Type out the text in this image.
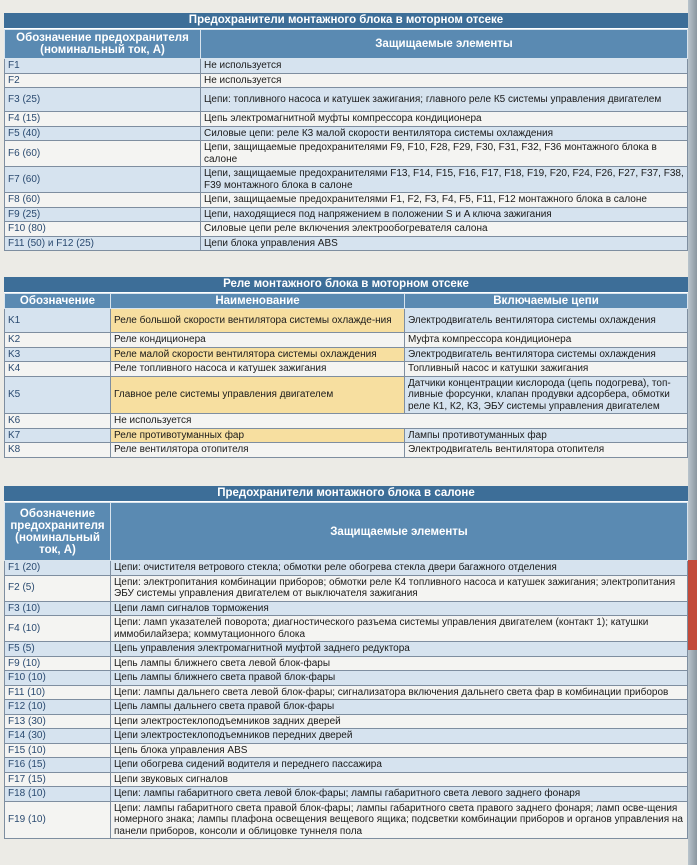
Предохранители монтажного блока в моторном отсеке
Обозначение предохранителя (номинальный ток, А)	Защищаемые элементы
F1	Не используется
F2	Не используется
F3 (25)	Цепи: топливного насоса и катушек зажигания; главного реле К5 системы управления двигателем
F4 (15)	Цепь электромагнитной муфты компрессора кондиционера
F5 (40)	Силовые цепи: реле К3 малой скорости вентилятора системы охлаждения
F6 (60)	Цепи, защищаемые предохранителями F9, F10, F28, F29, F30, F31, F32, F36 монтажного блока в салоне
F7 (60)	Цепи, защищаемые предохранителями F13, F14, F15, F16, F17, F18, F19, F20, F24, F26, F27, F37, F38, F39 монтажного блока в салоне
F8 (60)	Цепи, защищаемые предохранителями F1, F2, F3, F4, F5, F11, F12 монтажного блока в салоне
F9 (25)	Цепи, находящиеся под напряжением в положении S и A ключа зажигания
F10 (80)	Силовые цепи реле включения электрообогревателя салона
F11 (50) и F12 (25)	Цепи блока управления ABS
Реле монтажного блока в моторном отсеке
Обозначение	Наименование	Включаемые цепи
K1	Реле большой скорости вентилятора системы охлажде-ния	Электродвигатель вентилятора системы охлаждения
K2	Реле кондиционера	Муфта компрессора кондиционера
K3	Реле малой скорости вентилятора системы охлаждения	Электродвигатель вентилятора системы охлаждения
K4	Реле топливного насоса и катушек зажигания	Топливный насос и катушки зажигания
K5	Главное реле системы управления двигателем	Датчики концентрации кислорода (цепь подогрева), топ-ливные форсунки, клапан продувки адсорбера, обмотки реле К1, К2, К3, ЭБУ системы управления двигателем
K6	Не используется	
K7	Реле противотуманных фар	Лампы противотуманных фар
K8	Реле вентилятора отопителя	Электродвигатель вентилятора отопителя
Предохранители монтажного блока в салоне
Обозначение предохранителя (номинальный ток, А)	Защищаемые элементы
F1 (20)	Цепи: очистителя ветрового стекла; обмотки реле обогрева стекла двери багажного отделения
F2 (5)	Цепи: электропитания комбинации приборов; обмотки реле К4 топливного насоса и катушек зажигания; электропитания ЭБУ системы управления двигателем от выключателя зажигания
F3 (10)	Цепи ламп сигналов торможения
F4 (10)	Цепи: ламп указателей поворота; диагностического разъема системы управления двигателем (контакт 1); катушки иммобилайзера; коммутационного блока
F5 (5)	Цепь управления электромагнитной муфтой заднего редуктора
F9 (10)	Цепь лампы ближнего света левой блок-фары
F10 (10)	Цепь лампы ближнего света правой блок-фары
F11 (10)	Цепи: лампы дальнего света левой блок-фары; сигнализатора включения дальнего света фар в комбинации приборов
F12 (10)	Цепь лампы дальнего света правой блок-фары
F13 (30)	Цепи электростеклоподъемников задних дверей
F14 (30)	Цепи электростеклоподъемников передних дверей
F15 (10)	Цепь блока управления ABS
F16 (15)	Цепи обогрева сидений водителя и переднего пассажира
F17 (15)	Цепи звуковых сигналов
F18 (10)	Цепи: лампы габаритного света левой блок-фары; лампы габаритного света левого заднего фонаря
F19 (10)	Цепи: лампы габаритного света правой блок-фары; лампы габаритного света правого заднего фонаря; ламп осве-щения номерного знака; лампы плафона освещения вещевого ящика; подсветки комбинации приборов и органов управления на панели приборов, консоли и облицовке туннеля пола
